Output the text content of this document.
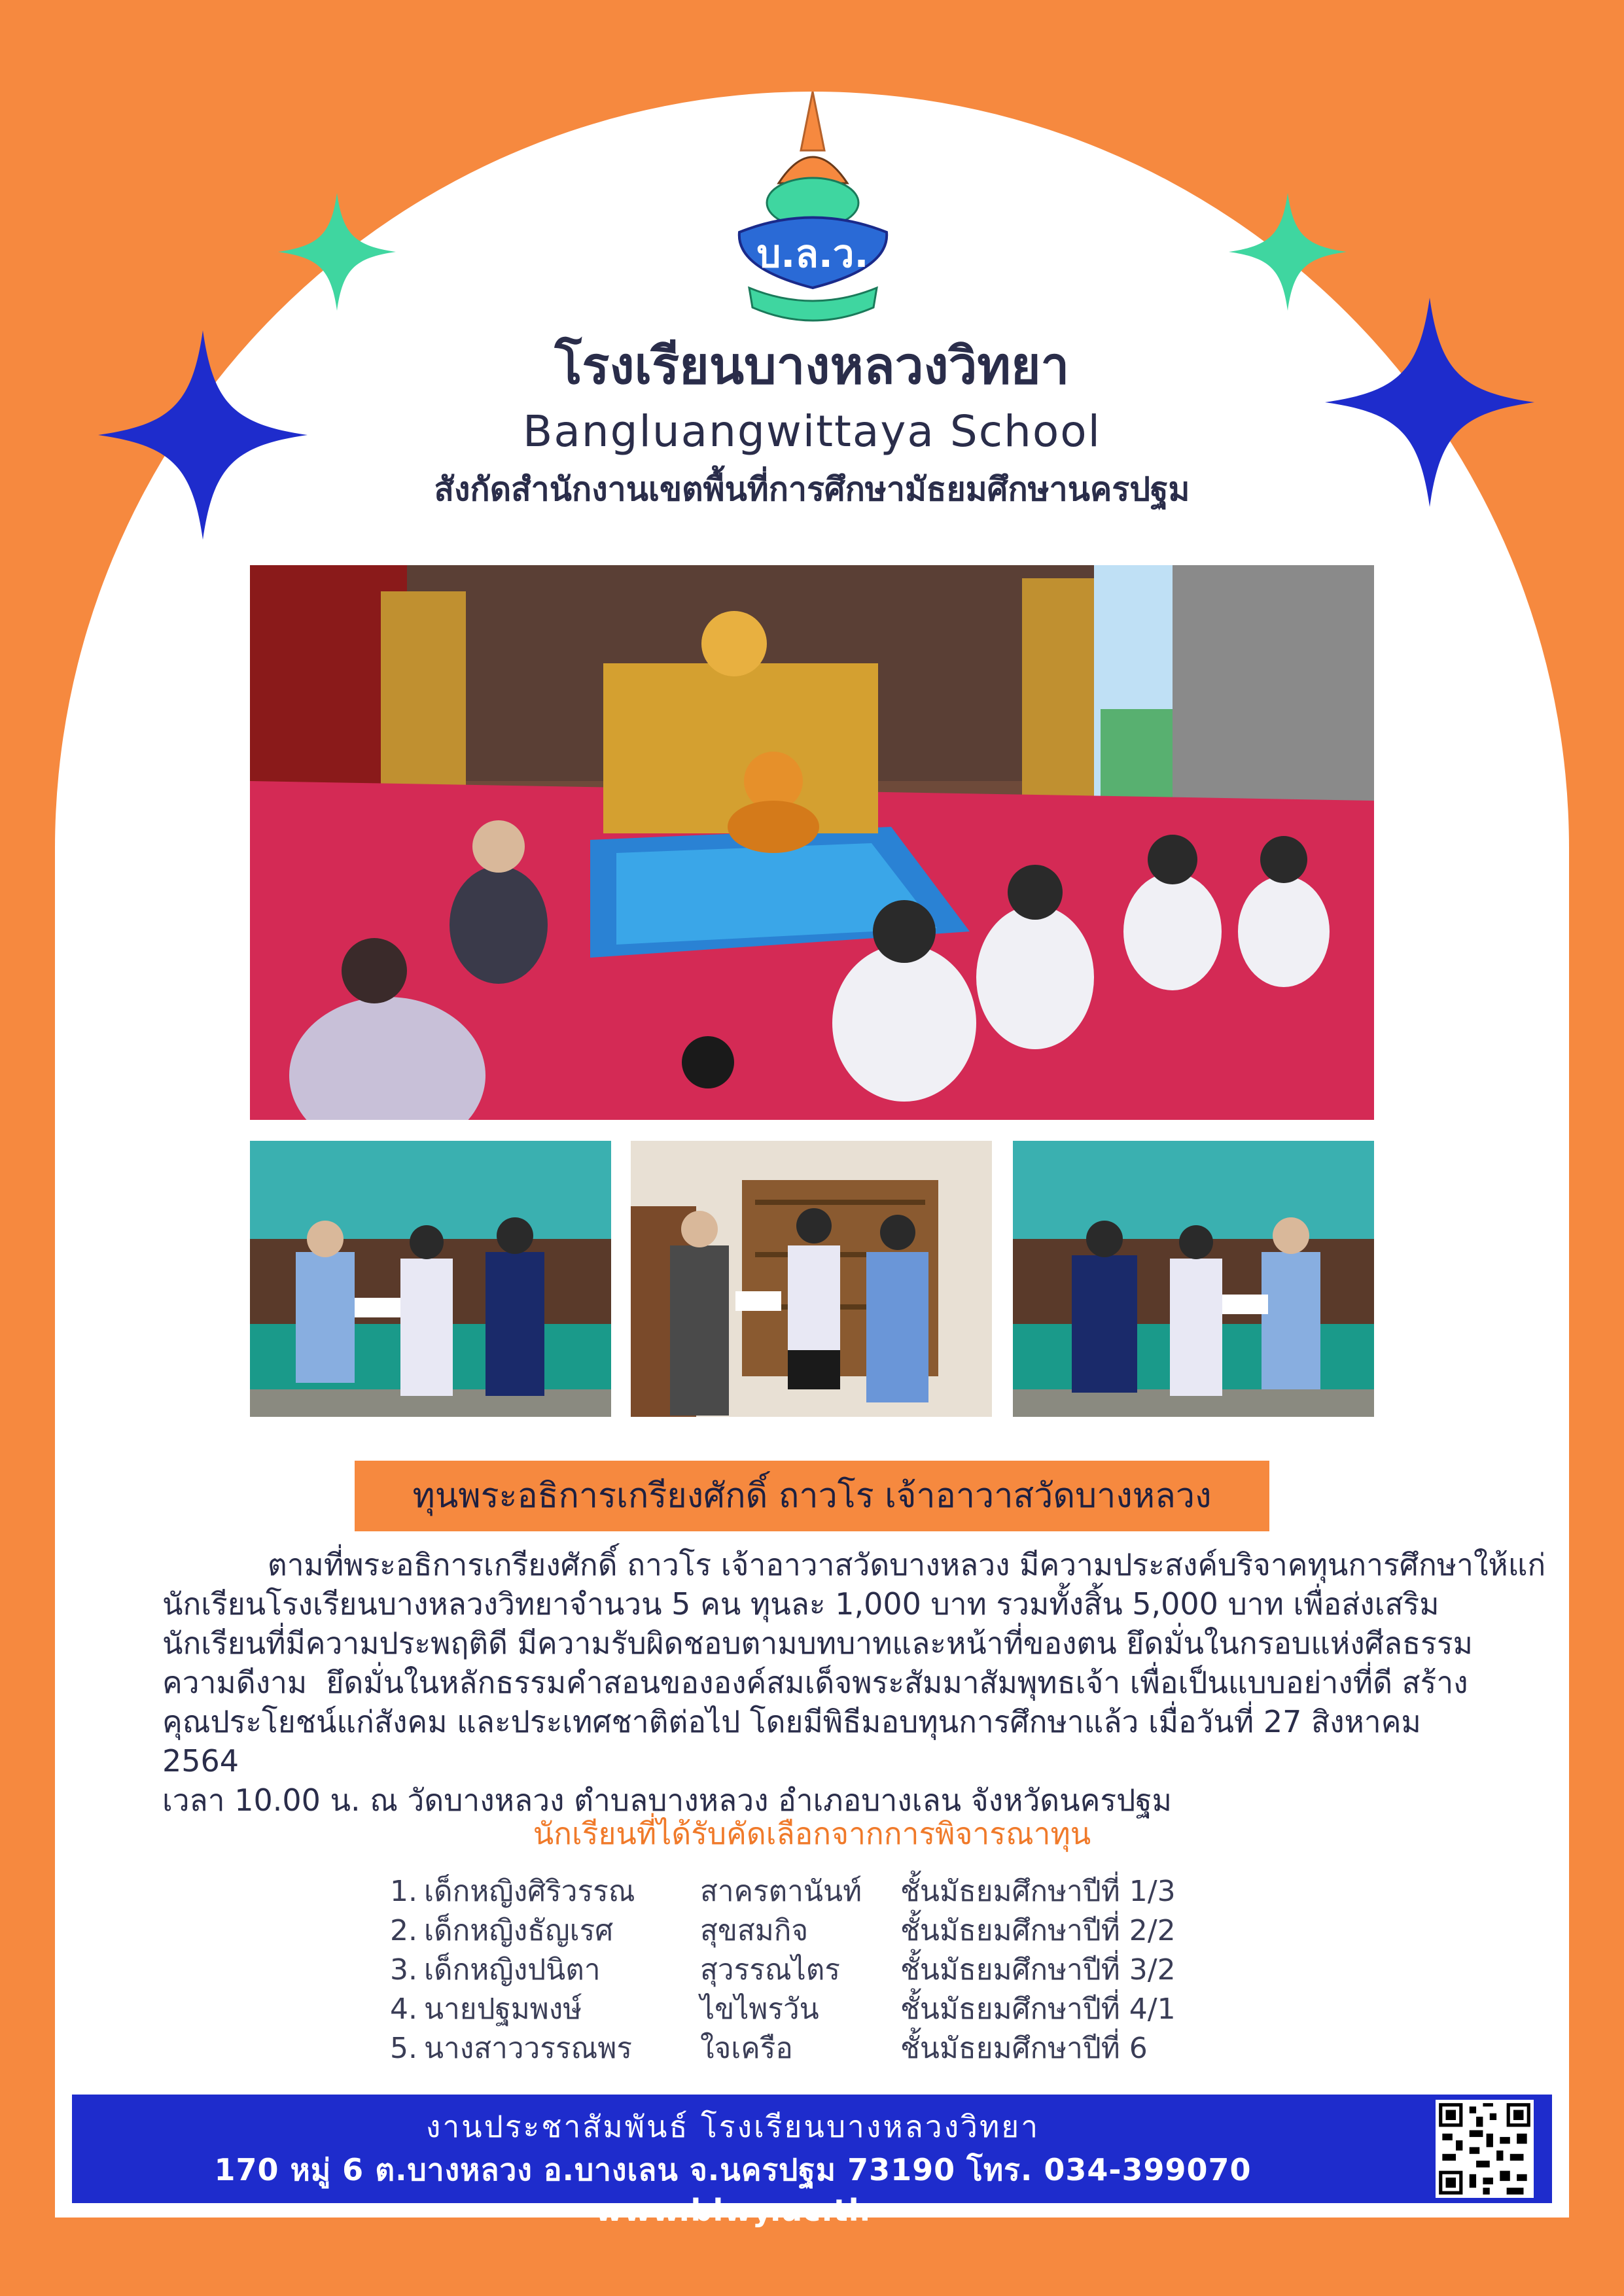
บ.ล.ว.
โรงเรียนบางหลวงวิทยา
Bangluangwittaya School
สังกัดสำนักงานเขตพื้นที่การศึกษามัธยมศึกษานครปฐม
ทุนพระอธิการเกรียงศักดิ์ ถาวโร เจ้าอาวาสวัดบางหลวง
ตามที่พระอธิการเกรียงศักดิ์ ถาวโร เจ้าอาวาสวัดบางหลวง มีความประสงค์บริจาคทุนการศึกษาให้แก่
นักเรียนโรงเรียนบางหลวงวิทยาจำนวน 5 คน ทุนละ 1,000 บาท รวมทั้งสิ้น 5,000 บาท เพื่อส่งเสริม
นักเรียนที่มีความประพฤติดี มีความรับผิดชอบตามบทบาทและหน้าที่ของตน ยึดมั่นในกรอบแห่งศีลธรรม
ความดีงาม  ยึดมั่นในหลักธรรมคำสอนขององค์สมเด็จพระสัมมาสัมพุทธเจ้า เพื่อเป็นแบบอย่างที่ดี สร้าง
คุณประโยชน์แก่สังคม และประเทศชาติต่อไป โดยมีพิธีมอบทุนการศึกษาแล้ว เมื่อวันที่ 27 สิงหาคม 2564
เวลา 10.00 น. ณ วัดบางหลวง ตำบลบางหลวง อำเภอบางเลน จังหวัดนครปฐม
นักเรียนที่ได้รับคัดเลือกจากการพิจารณาทุน
1. เด็กหญิงศิริวรรณ สาครตานันท์ ชั้นมัธยมศึกษาปีที่ 1/3
2. เด็กหญิงธัญเรศ	สุขสมกิจ	ชั้นมัธยมศึกษาปีที่ 2/2
3. เด็กหญิงปนิตา	สุวรรณไตร ชั้นมัธยมศึกษาปีที่ 3/2
4. นายปฐมพงษ์	ไขไพรวัน	ชั้นมัธยมศึกษาปีที่ 4/1
5. นางสาววรรณพร ใจเครือ	ชั้นมัธยมศึกษาปีที่ 6
งานประชาสัมพันธ์ โรงเรียนบางหลวงวิทยา
170 หมู่ 6 ต.บางหลวง อ.บางเลน จ.นครปฐม 73190 โทร. 034-399070 www.blwy.ac.th
